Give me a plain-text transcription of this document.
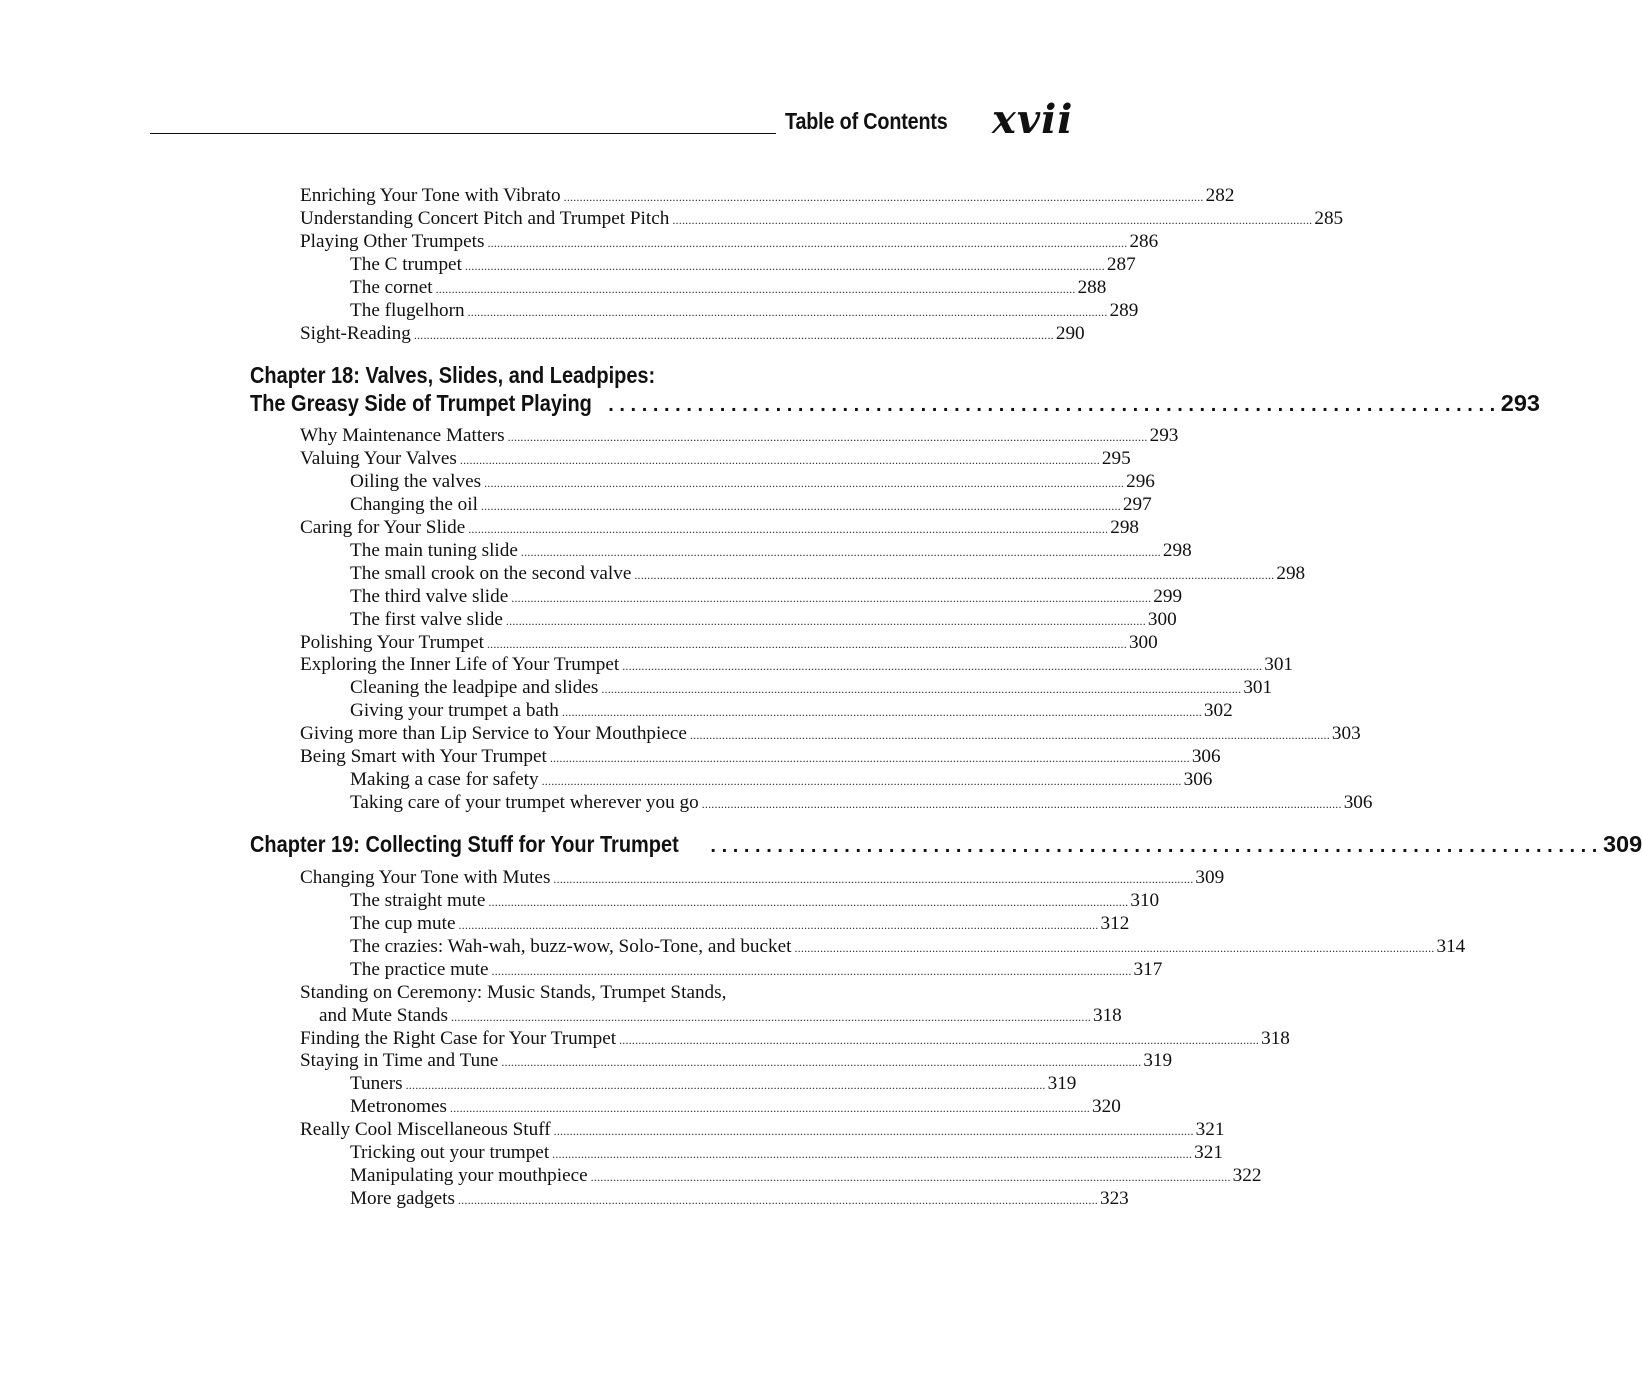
Table of Contents xvii
Enriching Your Tone with Vibrato ........................................................................................................................................................................................................ 282
Understanding Concert Pitch and Trumpet Pitch ........................................................................................................................................................................................................ 285
Playing Other Trumpets ........................................................................................................................................................................................................ 286
The C trumpet ........................................................................................................................................................................................................ 287
The cornet ........................................................................................................................................................................................................ 288
The flugelhorn ........................................................................................................................................................................................................ 289
Sight-Reading ........................................................................................................................................................................................................ 290
Chapter 18: Valves, Slides, and Leadpipes:
The Greasy Side of Trumpet Playing ................................................................................ 293
Why Maintenance Matters ........................................................................................................................................................................................................ 293
Valuing Your Valves ........................................................................................................................................................................................................ 295
Oiling the valves ........................................................................................................................................................................................................ 296
Changing the oil ........................................................................................................................................................................................................ 297
Caring for Your Slide ........................................................................................................................................................................................................ 298
The main tuning slide ........................................................................................................................................................................................................ 298
The small crook on the second valve ........................................................................................................................................................................................................ 298
The third valve slide ........................................................................................................................................................................................................ 299
The first valve slide ........................................................................................................................................................................................................ 300
Polishing Your Trumpet ........................................................................................................................................................................................................ 300
Exploring the Inner Life of Your Trumpet ........................................................................................................................................................................................................ 301
Cleaning the leadpipe and slides ........................................................................................................................................................................................................ 301
Giving your trumpet a bath ........................................................................................................................................................................................................ 302
Giving more than Lip Service to Your Mouthpiece ........................................................................................................................................................................................................ 303
Being Smart with Your Trumpet ........................................................................................................................................................................................................ 306
Making a case for safety ........................................................................................................................................................................................................ 306
Taking care of your trumpet wherever you go ........................................................................................................................................................................................................ 306
Chapter 19: Collecting Stuff for Your Trumpet ................................................................................ 309
Changing Your Tone with Mutes ........................................................................................................................................................................................................ 309
The straight mute ........................................................................................................................................................................................................ 310
The cup mute ........................................................................................................................................................................................................ 312
The crazies: Wah-wah, buzz-wow, Solo-Tone, and bucket ........................................................................................................................................................................................................ 314
The practice mute ........................................................................................................................................................................................................ 317
Standing on Ceremony: Music Stands, Trumpet Stands,
and Mute Stands ........................................................................................................................................................................................................ 318
Finding the Right Case for Your Trumpet ........................................................................................................................................................................................................ 318
Staying in Time and Tune ........................................................................................................................................................................................................ 319
Tuners ........................................................................................................................................................................................................ 319
Metronomes ........................................................................................................................................................................................................ 320
Really Cool Miscellaneous Stuff ........................................................................................................................................................................................................ 321
Tricking out your trumpet ........................................................................................................................................................................................................ 321
Manipulating your mouthpiece ........................................................................................................................................................................................................ 322
More gadgets ........................................................................................................................................................................................................ 323
